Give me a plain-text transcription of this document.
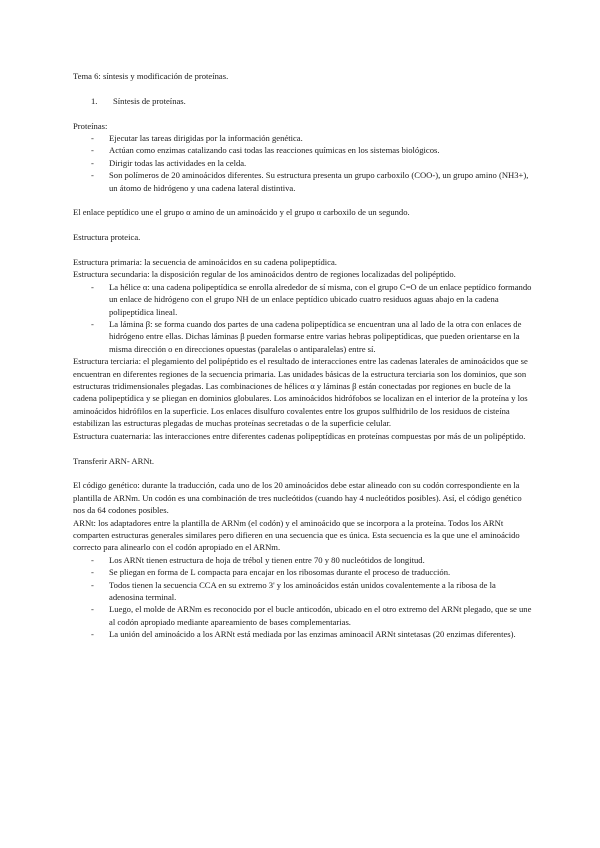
Tema 6: síntesis y modificación de proteínas.

1.	Síntesis de proteínas.

Proteínas:

- Ejecutar las tareas dirigidas por la información genética.
- Actúan como enzimas catalizando casi todas las reacciones químicas en los sistemas biológicos.
- Dirigir todas las actividades en la celda.
- Son polímeros de 20 aminoácidos diferentes. Su estructura presenta un grupo carboxilo (COO-), un grupo amino (NH3+), un átomo de hidrógeno y una cadena lateral distintiva.

El enlace peptídico une el grupo α amino de un aminoácido y el grupo α carboxilo de un segundo.

Estructura proteica.

Estructura primaria: la secuencia de aminoácidos en su cadena polipeptídica.

Estructura secundaria: la disposición regular de los aminoácidos dentro de regiones localizadas del polipéptido.

- La hélice α: una cadena polipeptídica se enrolla alrededor de sí misma, con el grupo C=O de un enlace peptídico formando un enlace de hidrógeno con el grupo NH de un enlace peptídico ubicado cuatro residuos aguas abajo en la cadena polipeptídica lineal.
- La lámina β: se forma cuando dos partes de una cadena polipeptídica se encuentran una al lado de la otra con enlaces de hidrógeno entre ellas. Dichas láminas β pueden formarse entre varias hebras polipeptídicas, que pueden orientarse en la misma dirección o en direcciones opuestas (paralelas o antiparalelas) entre sí.

Estructura terciaria: el plegamiento del polipéptido es el resultado de interacciones entre las cadenas laterales de aminoácidos que se encuentran en diferentes regiones de la secuencia primaria. Las unidades básicas de la estructura terciaria son los dominios, que son estructuras tridimensionales plegadas. Las combinaciones de hélices α y láminas β están conectadas por regiones en bucle de la cadena polipeptídica y se pliegan en dominios globulares. Los aminoácidos hidrófobos se localizan en el interior de la proteína y los aminoácidos hidrófilos en la superficie. Los enlaces disulfuro covalentes entre los grupos sulfhidrilo de los residuos de cisteína estabilizan las estructuras plegadas de muchas proteínas secretadas o de la superficie celular.

Estructura cuaternaria: las interacciones entre diferentes cadenas polipeptídicas en proteínas compuestas por más de un polipéptido.

Transferir ARN- ARNt.

El código genético: durante la traducción, cada uno de los 20 aminoácidos debe estar alineado con su codón correspondiente en la plantilla de ARNm. Un codón es una combinación de tres nucleótidos (cuando hay 4 nucleótidos posibles). Así, el código genético nos da 64 codones posibles.

ARNt: los adaptadores entre la plantilla de ARNm (el codón) y el aminoácido que se incorpora a la proteína. Todos los ARNt comparten estructuras generales similares pero difieren en una secuencia que es única. Esta secuencia es la que une el aminoácido correcto para alinearlo con el codón apropiado en el ARNm.

- Los ARNt tienen estructura de hoja de trébol y tienen entre 70 y 80 nucleótidos de longitud.
- Se pliegan en forma de L compacta para encajar en los ribosomas durante el proceso de traducción.
- Todos tienen la secuencia CCA en su extremo 3' y los aminoácidos están unidos covalentemente a la ribosa de la adenosina terminal.
- Luego, el molde de ARNm es reconocido por el bucle anticodón, ubicado en el otro extremo del ARNt plegado, que se une al codón apropiado mediante apareamiento de bases complementarias.
- La unión del aminoácido a los ARNt está mediada por las enzimas aminoacil ARNt sintetasas (20 enzimas diferentes).
